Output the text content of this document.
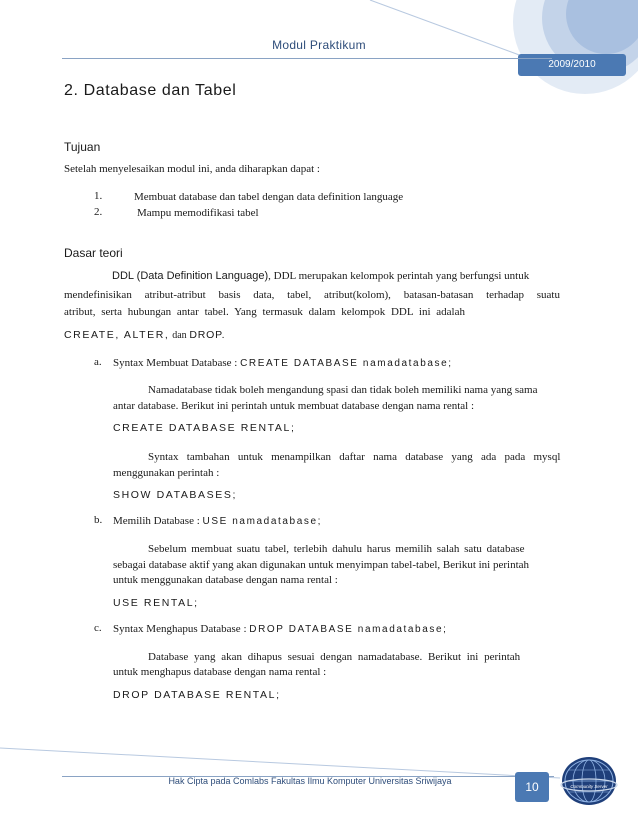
Modul Praktikum
2009/2010
2. Database dan Tabel
Tujuan
Setelah menyelesaikan modul ini, anda diharapkan dapat :
1.	Membuat database dan tabel dengan data definition language
2.	Mampu memodifikasi tabel
Dasar teori
DDL (Data Definition Language), DDL merupakan kelompok perintah yang berfungsi untuk
mendefinisikan atribut-atribut basis data, tabel, atribut(kolom), batasan-batasan terhadap suatu
atribut, serta hubungan antar tabel. Yang termasuk dalam kelompok DDL ini adalah
CREATE, ALTER, dan DROP.
a. Syntax Membuat Database : CREATE DATABASE namadatabase;
Namadatabase tidak boleh mengandung spasi dan tidak boleh memiliki nama yang sama
antar database. Berikut ini perintah untuk membuat database dengan nama rental :
CREATE DATABASE RENTAL;
Syntax tambahan untuk menampilkan daftar nama database yang ada pada mysql
menggunakan perintah :
SHOW DATABASES;
b. Memilih Database : USE namadatabase;
Sebelum membuat suatu tabel, terlebih dahulu harus memilih salah satu database
sebagai database aktif yang akan digunakan untuk menyimpan tabel-tabel, Berikut ini perintah
untuk menggunakan database dengan nama rental :
USE RENTAL;
c. Syntax Menghapus Database : DROP DATABASE namadatabase;
Database yang akan dihapus sesuai dengan namadatabase. Berikut ini perintah
untuk menghapus database dengan nama rental :
DROP DATABASE RENTAL;
Hak Cipta pada Comlabs Fakultas Ilmu Komputer Universitas Sriwijaya	10	Community Server
